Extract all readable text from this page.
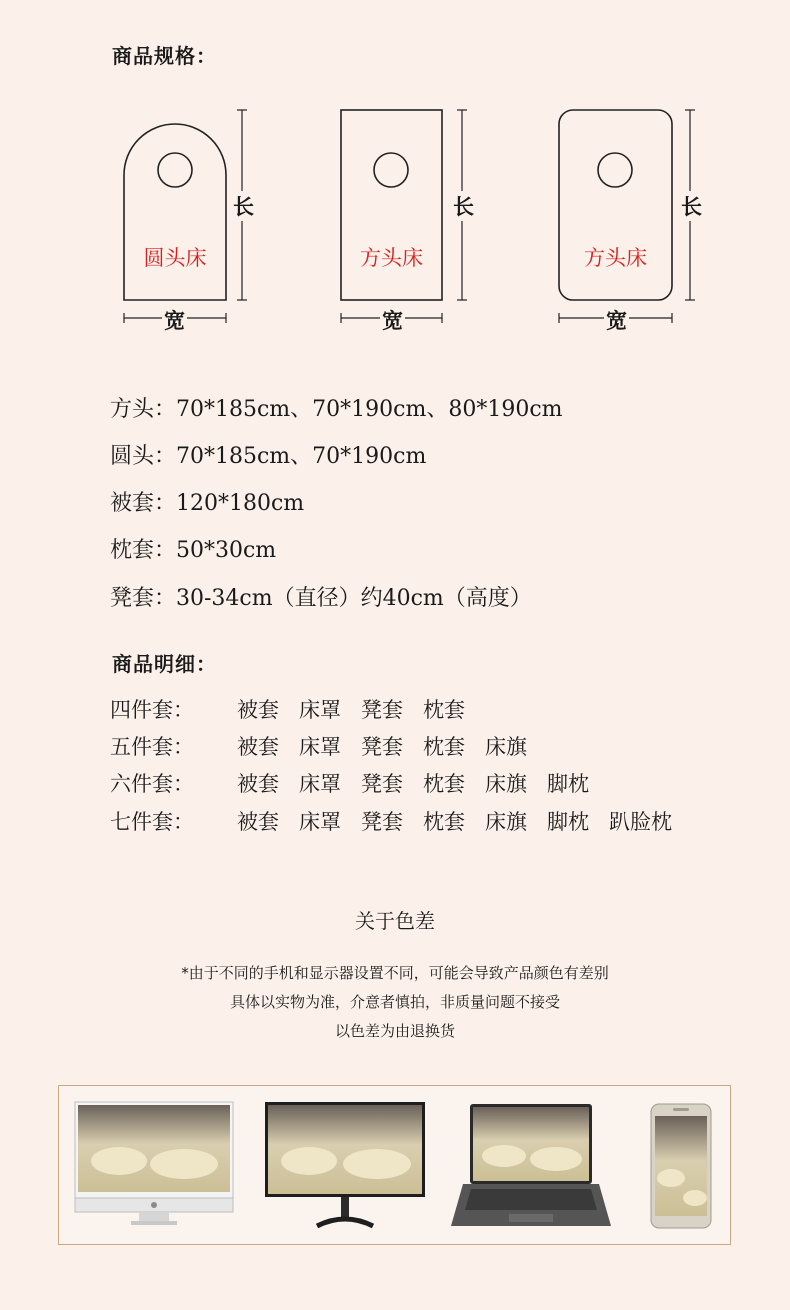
商品规格：
圆头床	方头床	方头床
长	长	长
宽	宽	宽
方头：70*185cm、70*190cm、80*190cm
圆头：70*185cm、70*190cm
被套：120*180cm
枕套：50*30cm
凳套：30-34cm（直径）约40cm（高度）
商品明细：
四件套： 被套 床罩 凳套 枕套
五件套： 被套 床罩 凳套 枕套 床旗
六件套： 被套 床罩 凳套 枕套 床旗 脚枕
七件套： 被套 床罩 凳套 枕套 床旗 脚枕 趴脸枕
关于色差
*由于不同的手机和显示器设置不同，可能会导致产品颜色有差别
具体以实物为准，介意者慎拍，非质量问题不接受
以色差为由退换货
